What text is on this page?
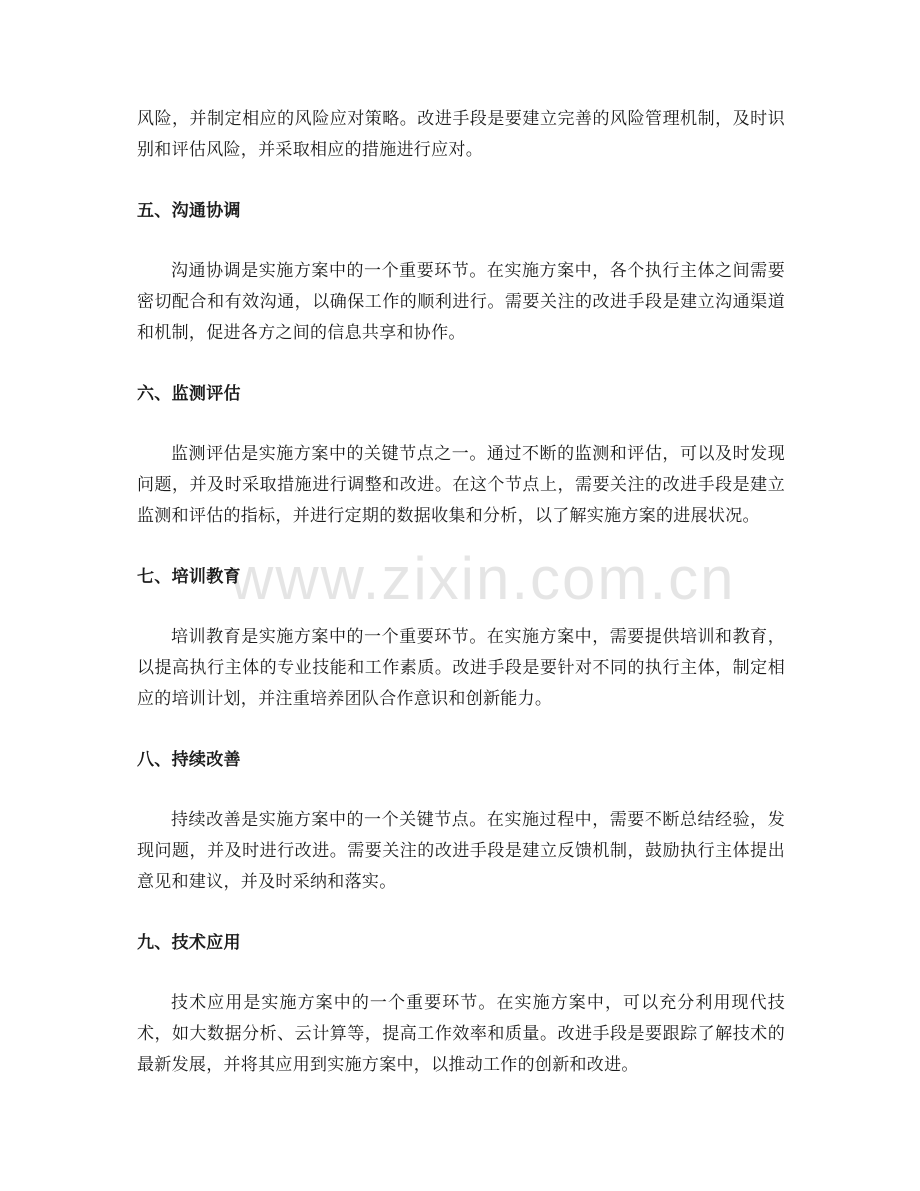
风险，并制定相应的风险应对策略。改进手段是要建立完善的风险管理机制，及时识别和评估风险，并采取相应的措施进行应对。

五、沟通协调

沟通协调是实施方案中的一个重要环节。在实施方案中，各个执行主体之间需要密切配合和有效沟通，以确保工作的顺利进行。需要关注的改进手段是建立沟通渠道和机制，促进各方之间的信息共享和协作。

六、监测评估

监测评估是实施方案中的关键节点之一。通过不断的监测和评估，可以及时发现问题，并及时采取措施进行调整和改进。在这个节点上，需要关注的改进手段是建立监测和评估的指标，并进行定期的数据收集和分析，以了解实施方案的进展状况。

七、培训教育

培训教育是实施方案中的一个重要环节。在实施方案中，需要提供培训和教育，以提高执行主体的专业技能和工作素质。改进手段是要针对不同的执行主体，制定相应的培训计划，并注重培养团队合作意识和创新能力。

八、持续改善

持续改善是实施方案中的一个关键节点。在实施过程中，需要不断总结经验，发现问题，并及时进行改进。需要关注的改进手段是建立反馈机制，鼓励执行主体提出意见和建议，并及时采纳和落实。

九、技术应用

技术应用是实施方案中的一个重要环节。在实施方案中，可以充分利用现代技术，如大数据分析、云计算等，提高工作效率和质量。改进手段是要跟踪了解技术的最新发展，并将其应用到实施方案中，以推动工作的创新和改进。

www.zixin.com.cn
